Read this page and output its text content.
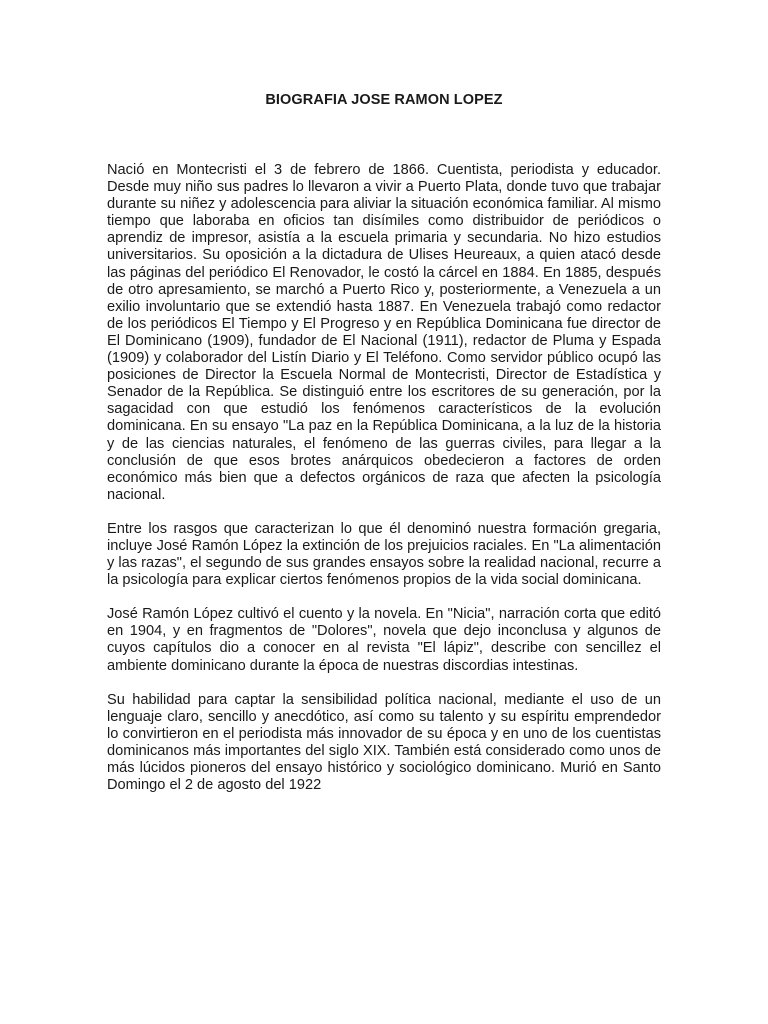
BIOGRAFIA JOSE RAMON LOPEZ

Nació en Montecristi el 3 de febrero de 1866. Cuentista, periodista y educador. Desde muy niño sus padres lo llevaron a vivir a Puerto Plata, donde tuvo que trabajar durante su niñez y adolescencia para aliviar la situación económica familiar. Al mismo tiempo que laboraba en oficios tan disímiles como distribuidor de periódicos o aprendiz de impresor, asistía a la escuela primaria y secundaria. No hizo estudios universitarios. Su oposición a la dictadura de Ulises Heureaux, a quien atacó desde las páginas del periódico El Renovador, le costó la cárcel en 1884. En 1885, después de otro apresamiento, se marchó a Puerto Rico y, posteriormente, a Venezuela a un exilio involuntario que se extendió hasta 1887. En Venezuela trabajó como redactor de los periódicos El Tiempo y El Progreso y en República Dominicana fue director de El Dominicano (1909), fundador de El Nacional (1911), redactor de Pluma y Espada (1909) y colaborador del Listín Diario y El Teléfono. Como servidor público ocupó las posiciones de Director la Escuela Normal de Montecristi, Director de Estadística y Senador de la República. Se distinguió entre los escritores de su generación, por la sagacidad con que estudió los fenómenos característicos de la evolución dominicana. En su ensayo "La paz en la República Dominicana, a la luz de la historia y de las ciencias naturales, el fenómeno de las guerras civiles, para llegar a la conclusión de que esos brotes anárquicos obedecieron a factores de orden económico más bien que a defectos orgánicos de raza que afecten la psicología nacional.

Entre los rasgos que caracterizan lo que él denominó nuestra formación gregaria, incluye José Ramón López la extinción de los prejuicios raciales. En "La alimentación y las razas", el segundo de sus grandes ensayos sobre la realidad nacional, recurre a la psicología para explicar ciertos fenómenos propios de la vida social dominicana.

José Ramón López cultivó el cuento y la novela. En "Nicia", narración corta que editó en 1904, y en fragmentos de "Dolores", novela que dejo inconclusa y algunos de cuyos capítulos dio a conocer en al revista "El lápiz", describe con sencillez el ambiente dominicano durante la época de nuestras discordias intestinas.

Su habilidad para captar la sensibilidad política nacional, mediante el uso de un lenguaje claro, sencillo y anecdótico, así como su talento y su espíritu emprendedor lo convirtieron en el periodista más innovador de su época y en uno de los cuentistas dominicanos más importantes del siglo XIX. También está considerado como unos de más lúcidos pioneros del ensayo histórico y sociológico dominicano. Murió en Santo Domingo el 2 de agosto del 1922
